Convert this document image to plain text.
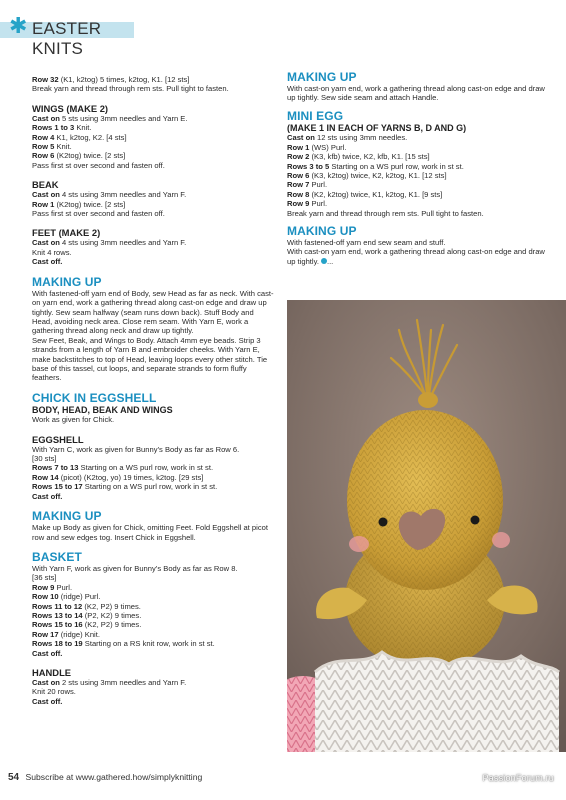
✱ EASTER KNITS

Row 32 (K1, k2tog) 5 times, k2tog, K1. [12 sts]

Break yarn and thread through rem sts. Pull tight to fasten.

WINGS (MAKE 2)

Cast on 5 sts using 3mm needles and Yarn E.

Rows 1 to 3 Knit.

Row 4 K1, k2tog, K2. [4 sts]

Row 5 Knit.

Row 6 (K2tog) twice. [2 sts]

Pass first st over second and fasten off.

BEAK

Cast on 4 sts using 3mm needles and Yarn F.

Row 1 (K2tog) twice. [2 sts]

Pass first st over second and fasten off.

FEET (MAKE 2)

Cast on 4 sts using 3mm needles and Yarn F.

Knit 4 rows.

Cast off.

MAKING UP

With fastened-off yarn end of Body, sew Head as far as neck. With cast-on yarn end, work a gathering thread along cast-on edge and draw up tightly. Sew seam halfway (seam runs down back). Stuff Body and Head, avoiding neck area. Close rem seam. With Yarn E, work a gathering thread along neck and draw up tightly.

Sew Feet, Beak, and Wings to Body. Attach 4mm eye beads. Strip 3 strands from a length of Yarn B and embroider cheeks. With Yarn E, make backstitches to top of Head, leaving loops every other stitch. Tie base of this tassel, cut loops, and separate strands to form fluffy feathers.

CHICK IN EGGSHELL
BODY, HEAD, BEAK AND WINGS

Work as given for Chick.

EGGSHELL

With Yarn C, work as given for Bunny’s Body as far as Row 6.

[30 sts]

Rows 7 to 13 Starting on a WS purl row, work in st st.

Row 14 (picot) (K2tog, yo) 19 times, k2tog. [29 sts]

Rows 15 to 17 Starting on a WS purl row, work in st st.

Cast off.

MAKING UP

Make up Body as given for Chick, omitting Feet. Fold Eggshell at picot row and sew edges tog. Insert Chick in Eggshell.

BASKET

With Yarn F, work as given for Bunny’s Body as far as Row 8.

[36 sts]

Row 9 Purl.

Row 10 (ridge) Purl.

Rows 11 to 12 (K2, P2) 9 times.

Rows 13 to 14 (P2, K2) 9 times.

Rows 15 to 16 (K2, P2) 9 times.

Row 17 (ridge) Knit.

Rows 18 to 19 Starting on a RS knit row, work in st st.

Cast off.

HANDLE

Cast on 2 sts using 3mm needles and Yarn F.

Knit 20 rows.

Cast off.

MAKING UP

With cast-on yarn end, work a gathering thread along cast-on edge and draw up tightly. Sew side seam and attach Handle.

MINI EGG
(MAKE 1 IN EACH OF YARNS B, D AND G)

Cast on 12 sts using 3mm needles.

Row 1 (WS) Purl.

Row 2 (K3, kfb) twice, K2, kfb, K1. [15 sts]

Rows 3 to 5 Starting on a WS purl row, work in st st.

Row 6 (K3, k2tog) twice, K2, k2tog, K1. [12 sts]

Row 7 Purl.

Row 8 (K2, k2tog) twice, K1, k2tog, K1. [9 sts]

Row 9 Purl.

Break yarn and thread through rem sts. Pull tight to fasten.

MAKING UP

With fastened-off yarn end sew seam and stuff.

With cast-on yarn end, work a gathering thread along cast-on edge and draw up tightly. ...

54 Subscribe at www.gathered.how/simplyknitting	PassionForum.ru
